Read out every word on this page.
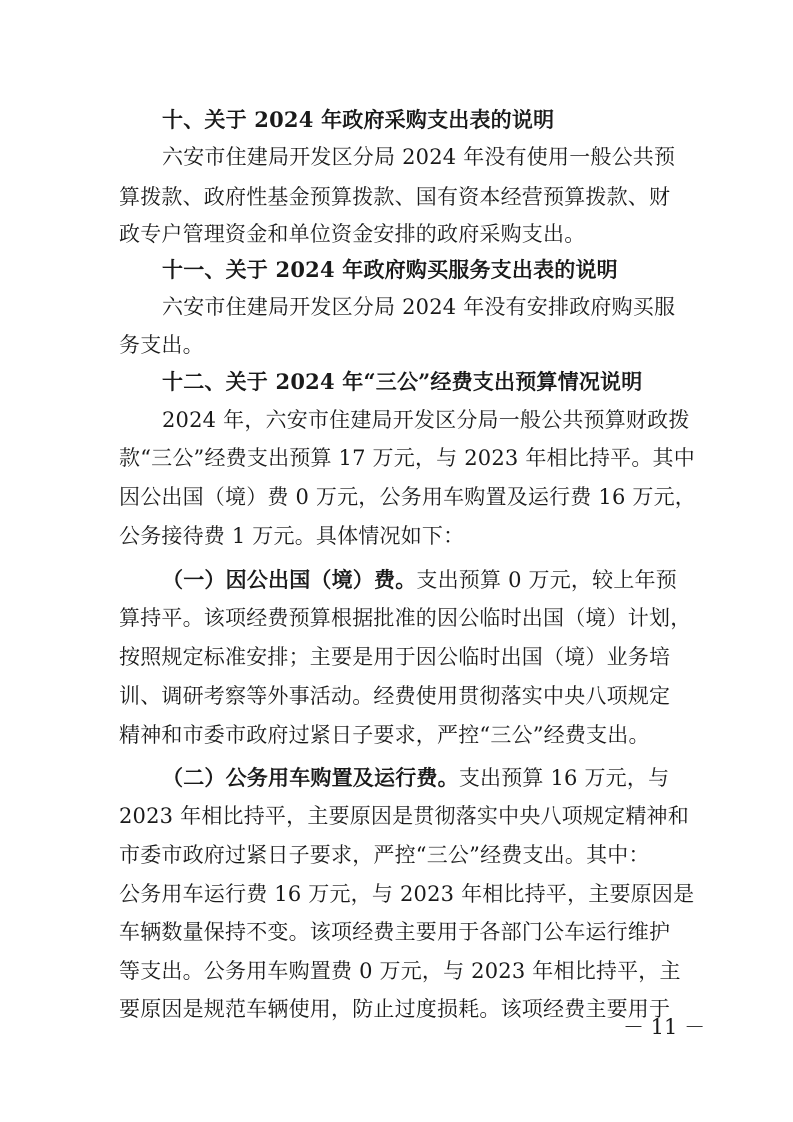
十、关于 2024 年政府采购支出表的说明
六安市住建局开发区分局 2024 年没有使用一般公共预
算拨款、政府性基金预算拨款、国有资本经营预算拨款、财
政专户管理资金和单位资金安排的政府采购支出。
十一、关于 2024 年政府购买服务支出表的说明
六安市住建局开发区分局 2024 年没有安排政府购买服
务支出。
十二、关于 2024 年“三公”经费支出预算情况说明
2024 年，六安市住建局开发区分局一般公共预算财政拨
款“三公”经费支出预算 17 万元，与 2023 年相比持平。其中
因公出国（境）费 0 万元，公务用车购置及运行费 16 万元，
公务接待费 1 万元。具体情况如下：
（一）因公出国（境）费。支出预算 0 万元，较上年预
算持平。该项经费预算根据批准的因公临时出国（境）计划，
按照规定标准安排；主要是用于因公临时出国（境）业务培
训、调研考察等外事活动。经费使用贯彻落实中央八项规定
精神和市委市政府过紧日子要求，严控“三公”经费支出。
（二）公务用车购置及运行费。支出预算 16 万元，与
2023 年相比持平，主要原因是贯彻落实中央八项规定精神和
市委市政府过紧日子要求，严控“三公”经费支出。其中：
公务用车运行费 16 万元，与 2023 年相比持平，主要原因是
车辆数量保持不变。该项经费主要用于各部门公车运行维护
等支出。公务用车购置费 0 万元，与 2023 年相比持平，主
要原因是规范车辆使用，防止过度损耗。该项经费主要用于
－ 11 －
